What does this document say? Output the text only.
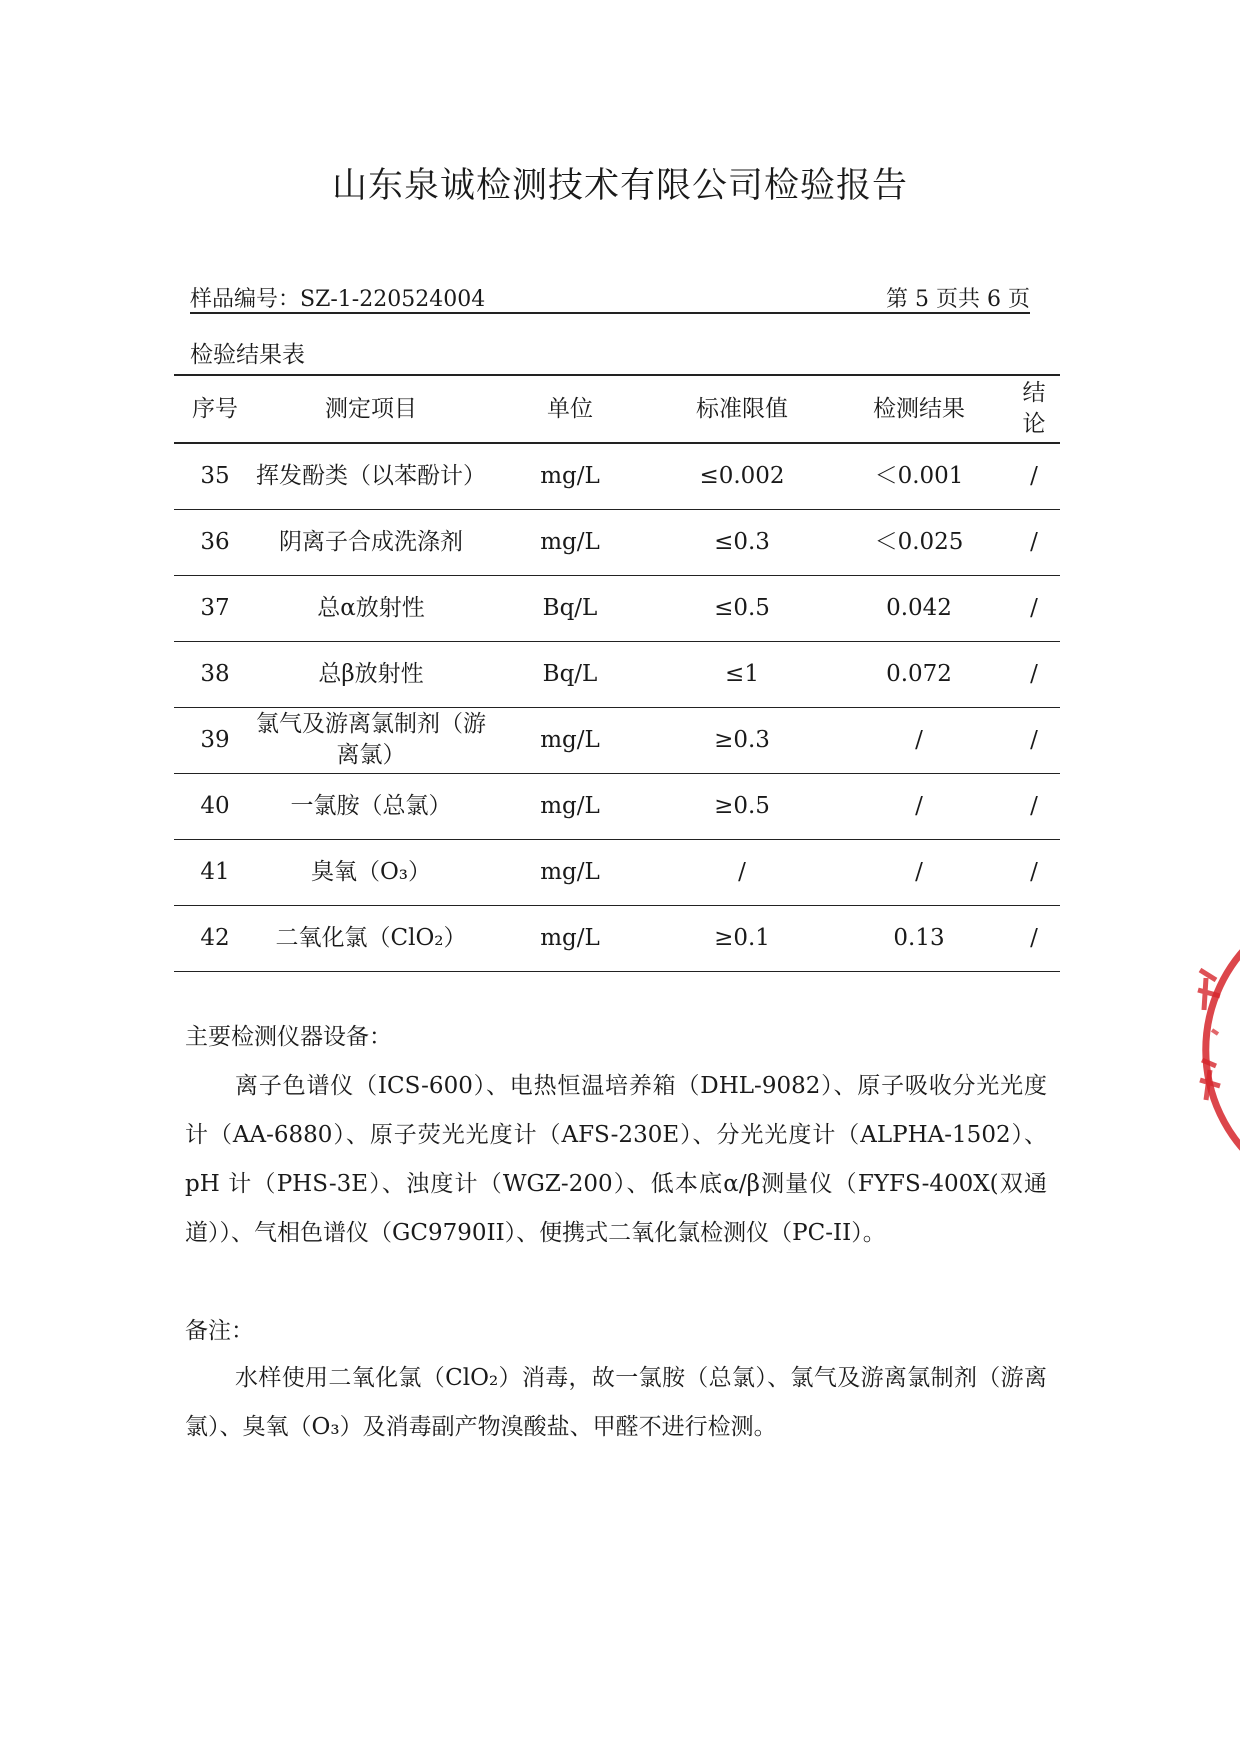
山东泉诚检测技术有限公司检验报告
样品编号：SZ-1-220524004	第 5 页共 6 页
检验结果表
序号	测定项目	单位	标准限值	检测结果	结
论
35	挥发酚类（以苯酚计）	mg/L	≤0.002	＜0.001	/
36	阴离子合成洗涤剂	mg/L	≤0.3	＜0.025	/
37	总α放射性	Bq/L	≤0.5	0.042	/
38	总β放射性	Bq/L	≤1	0.072	/
39	氯气及游离氯制剂（游离氯）	mg/L	≥0.3	/	/
40	一氯胺（总氯）	mg/L	≥0.5	/	/
41	臭氧（O₃）	mg/L	/	/	/
42	二氧化氯（ClO₂）	mg/L	≥0.1	0.13	/
主要检测仪器设备：
离子色谱仪（ICS-600）、电热恒温培养箱（DHL-9082）、原子吸收分光光度计（AA-6880）、原子荧光光度计（AFS-230E）、分光光度计（ALPHA-1502）、pH 计（PHS-3E）、浊度计（WGZ-200）、低本底α/β测量仪（FYFS-400X(双通道））、气相色谱仪（GC9790II）、便携式二氧化氯检测仪（PC-II）。
备注：
水样使用二氧化氯（ClO₂）消毒，故一氯胺（总氯）、氯气及游离氯制剂（游离氯）、臭氧（O₃）及消毒副产物溴酸盐、甲醛不进行检测。
